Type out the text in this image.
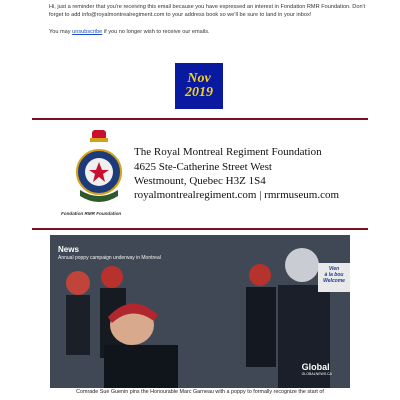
Hi, just a reminder that you're receiving this email because you have expressed an interest in Fondation RMR Foundation. Don't forget to add info@royalmontrealregiment.com to your address book so we'll be sure to land in your inbox!

You may unsubscribe if you no longer wish to receive our emails.

Nov
2019
The Royal Montreal Regiment Foundation
4625 Ste-Catherine Street West
Westmount, Quebec H3Z 1S4
royalmontrealregiment.com | rmrmuseum.com
Fondation RMR Foundation
News
Annual poppy campaign underway in Montreal
Vien
à la bou
Welcome
Global
GLOBALNEWS.CA
Comrade Sue Guenin pins the Honourable Marc Garneau with a poppy to formally recognize the start of
